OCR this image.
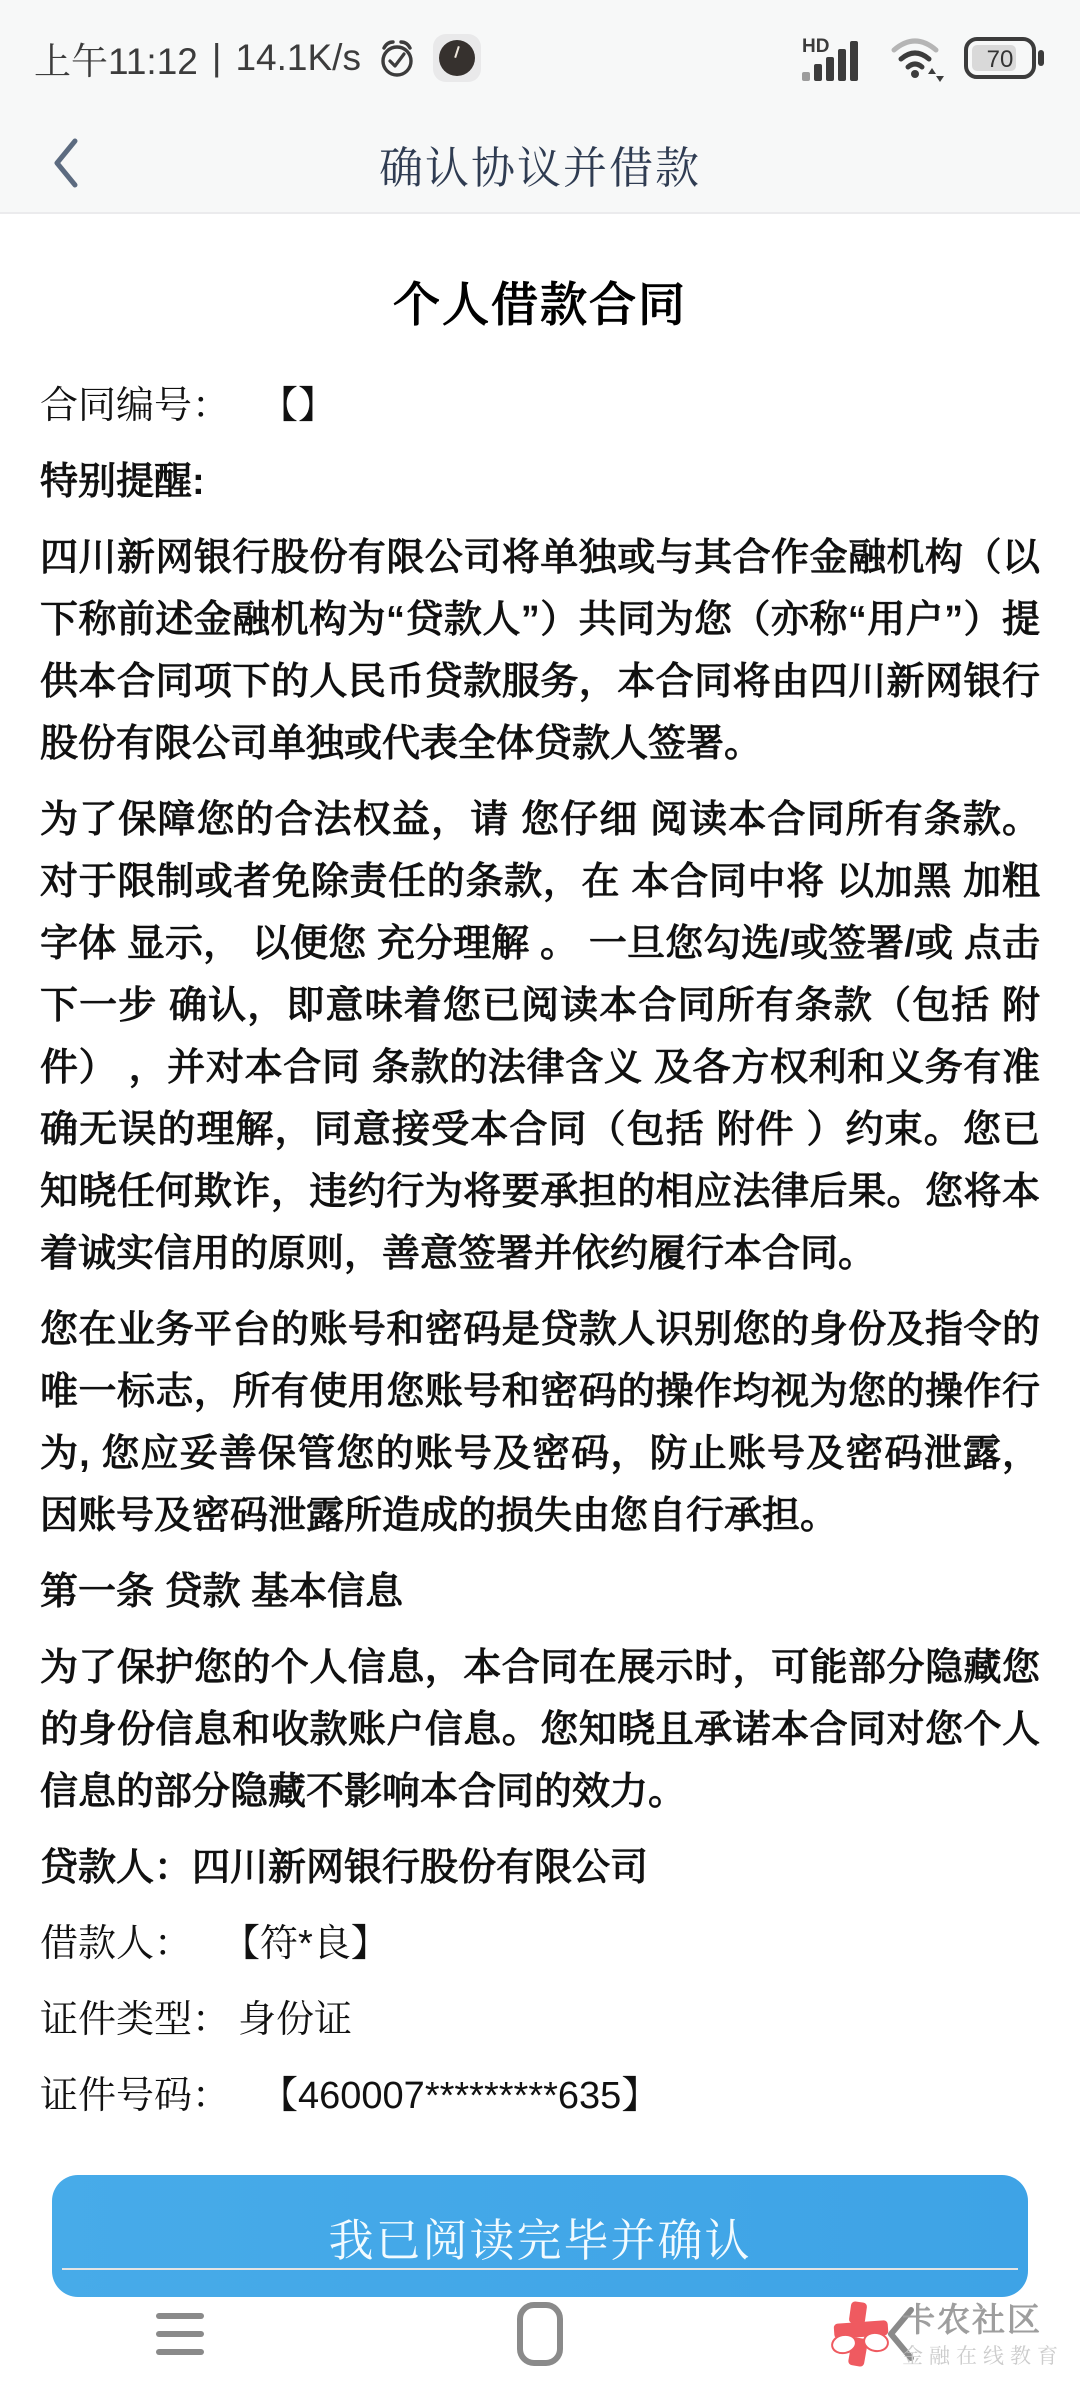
上午11:12 | 14.1K/s	HD	70
确认协议并借款
个人借款合同

合同编号： 【】

特别提醒:

四川新网银行股份有限公司将单独或与其合作金融机构（以下称前述金融机构为“贷款人”）共同为您（亦称“用户”）提供本合同项下的人民币贷款服务，本合同将由四川新网银行股份有限公司单独或代表全体贷款人签署。

为了保障您的合法权益，请 您仔细 阅读本合同所有条款。对于限制或者免除责任的条款，在 本合同中将 以加黑 加粗字体 显示， 以便您 充分理解 。 一旦您勾选/或签署/或 点击下一步 确认，即意味着您已阅读本合同所有条款（包括 附件） ，并对本合同 条款的法律含义 及各方权利和义务有准确无误的理解，同意接受本合同（包括 附件 ）约束。您已知晓任何欺诈，违约行为将要承担的相应法律后果。您将本着诚实信用的原则，善意签署并依约履行本合同。

您在业务平台的账号和密码是贷款人识别您的身份及指令的唯一标志，所有使用您账号和密码的操作均视为您的操作行为, 您应妥善保管您的账号及密码，防止账号及密码泄露，因账号及密码泄露所造成的损失由您自行承担。

第一条 贷款 基本信息

为了保护您的个人信息，本合同在展示时，可能部分隐藏您的身份信息和收款账户信息。您知晓且承诺本合同对您个人信息的部分隐藏不影响本合同的效力。

贷款人：四川新网银行股份有限公司

借款人： 【符*良】

证件类型： 身份证

证件号码： 【460007*********635】

我已阅读完毕并确认
卡农社区
金融在线教育
